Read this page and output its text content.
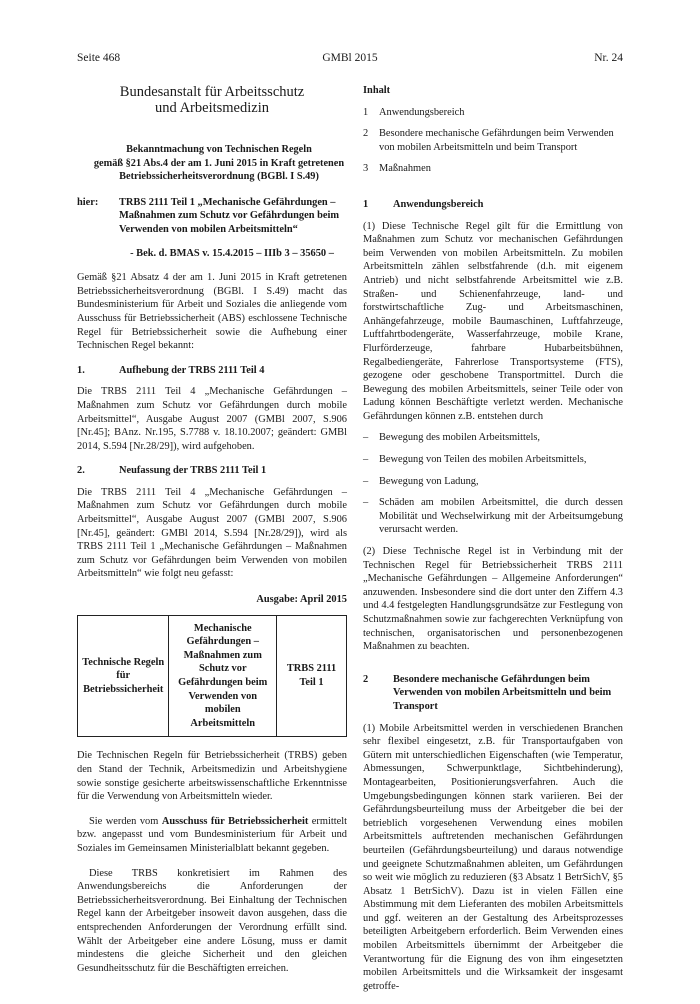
Seite 468	GMBl 2015	Nr. 24
Bundesanstalt für Arbeitsschutz
und Arbeitsmedizin
Bekanntmachung von Technischen Regeln
gemäß §21 Abs.4 der am 1. Juni 2015 in Kraft getretenen
Betriebssicherheitsverordnung (BGBl. I S.49)
hier:	TRBS 2111 Teil 1 „Mechanische Gefährdungen – Maßnahmen zum Schutz vor Gefährdungen beim Verwenden von mobilen Arbeitsmitteln“
- Bek. d. BMAS v. 15.4.2015 – IIIb 3 – 35650 –

Gemäß §21 Absatz 4 der am 1. Juni 2015 in Kraft getretenen Betriebssicherheitsverordnung (BGBl. I S.49) macht das Bundesministerium für Arbeit und Soziales die anliegende vom Ausschuss für Betriebssicherheit (ABS) eschlossene Technische Regel für Betriebssicherheit sowie die Aufhebung einer Technischen Regel bekannt:

1.	Aufhebung der TRBS 2111 Teil 4

Die TRBS 2111 Teil 4 „Mechanische Gefährdungen – Maßnahmen zum Schutz vor Gefährdungen durch mobile Arbeitsmittel“, Ausgabe August 2007 (GMBl 2007, S.906 [Nr.45]; BAnz. Nr.195, S.7788 v. 18.10.2007; geändert: GMBl 2014, S.594 [Nr.28/29]), wird aufgehoben.

2.	Neufassung der TRBS 2111 Teil 1

Die TRBS 2111 Teil 4 „Mechanische Gefährdungen – Maßnahmen zum Schutz vor Gefährdungen durch mobile Arbeitsmittel“, Ausgabe August 2007 (GMBl 2007, S.906 [Nr.45], geändert: GMBl 2014, S.594 [Nr.28/29]), wird als TRBS 2111 Teil 1 „Mechanische Gefährdungen – Maßnahmen zum Schutz vor Gefährdungen beim Verwenden von mobilen Arbeitsmitteln“ wie folgt neu gefasst:

Ausgabe: April 2015
Technische Regeln für Betriebssicherheit	Mechanische Gefährdungen – Maßnahmen zum Schutz vor Gefährdungen beim Verwenden von mobilen Arbeitsmitteln	TRBS 2111 Teil 1

Die Technischen Regeln für Betriebssicherheit (TRBS) geben den Stand der Technik, Arbeitsmedizin und Arbeitshygiene sowie sonstige gesicherte arbeitswissenschaftliche Erkenntnisse für die Verwendung von Arbeitsmitteln wieder.

Sie werden vom Ausschuss für Betriebssicherheit ermittelt bzw. angepasst und vom Bundesministerium für Arbeit und Soziales im Gemeinsamen Ministerialblatt bekannt gegeben.

Diese TRBS konkretisiert im Rahmen des Anwendungsbereichs die Anforderungen der Betriebssicherheitsverordnung. Bei Einhaltung der Technischen Regel kann der Arbeitgeber insoweit davon ausgehen, dass die entsprechenden Anforderungen der Verordnung erfüllt sind. Wählt der Arbeitgeber eine andere Lösung, muss er damit mindestens die gleiche Sicherheit und den gleichen Gesundheitsschutz für die Beschäftigten erreichen.

Inhalt
1	Anwendungsbereich
2	Besondere mechanische Gefährdungen beim Verwenden von mobilen Arbeitsmitteln und beim Transport
3	Maßnahmen
1	Anwendungsbereich

(1) Diese Technische Regel gilt für die Ermittlung von Maßnahmen zum Schutz vor mechanischen Gefährdungen beim Verwenden von mobilen Arbeitsmitteln. Zu mobilen Arbeitsmitteln zählen selbstfahrende (d.h. mit eigenem Antrieb) und nicht selbstfahrende Arbeitsmittel wie z.B. Straßen- und Schienenfahrzeuge, land- und forstwirtschaftliche Zug- und Arbeitsmaschinen, Anhängefahrzeuge, mobile Baumaschinen, Luftfahrzeuge, Luftfahrtbodengeräte, Wasserfahrzeuge, mobile Krane, Flurförderzeuge, fahrbare Hubarbeitsbühnen, Regalbediengeräte, Fahrerlose Transportsysteme (FTS), gezogene oder geschobene Transportmittel. Durch die Bewegung des mobilen Arbeitsmittels, seiner Teile oder von Ladung können Beschäftigte verletzt werden. Mechanische Gefährdungen können z.B. entstehen durch

–	Bewegung des mobilen Arbeitsmittels,
–	Bewegung von Teilen des mobilen Arbeitsmittels,
–	Bewegung von Ladung,
–	Schäden am mobilen Arbeitsmittel, die durch dessen Mobilität und Wechselwirkung mit der Arbeitsumgebung verursacht werden.

(2) Diese Technische Regel ist in Verbindung mit der Technischen Regel für Betriebssicherheit TRBS 2111 „Mechanische Gefährdungen – Allgemeine Anforderungen“ anzuwenden. Insbesondere sind die dort unter den Ziffern 4.3 und 4.4 festgelegten Handlungsgrundsätze zur Festlegung von Schutzmaßnahmen sowie zur fachgerechten Verknüpfung von technischen, organisatorischen und personenbezogenen Maßnahmen zu beachten.

2	Besondere mechanische Gefährdungen beim Verwenden von mobilen Arbeitsmitteln und beim Transport

(1) Mobile Arbeitsmittel werden in verschiedenen Branchen sehr flexibel eingesetzt, z.B. für Transportaufgaben von Gütern mit unterschiedlichen Eigenschaften (wie Temperatur, Abmessungen, Schwerpunktlage, Sichtbehinderung), Montagearbeiten, Positionierungsverfahren. Auch die Umgebungsbedingungen können stark variieren. Bei der Gefährdungsbeurteilung muss der Arbeitgeber die bei der betrieblich vorgesehenen Verwendung eines mobilen Arbeitsmittels auftretenden mechanischen Gefährdungen beurteilen (Gefährdungsbeurteilung) und daraus notwendige und geeignete Schutzmaßnahmen ableiten, um Gefährdungen so weit wie möglich zu reduzieren (§3 Absatz 1 BetrSichV, §5 Absatz 1 BetrSichV). Dazu ist in vielen Fällen eine Abstimmung mit dem Lieferanten des mobilen Arbeitsmittels und ggf. weiteren an der Gestaltung des Arbeitsprozesses beteiligten Arbeitgebern erforderlich. Beim Verwenden eines mobilen Arbeitsmittels übernimmt der Arbeitgeber die Verantwortung für die Eignung des von ihm eingesetzten mobilen Arbeitsmittels und die Wirksamkeit der insgesamt getroffe-
